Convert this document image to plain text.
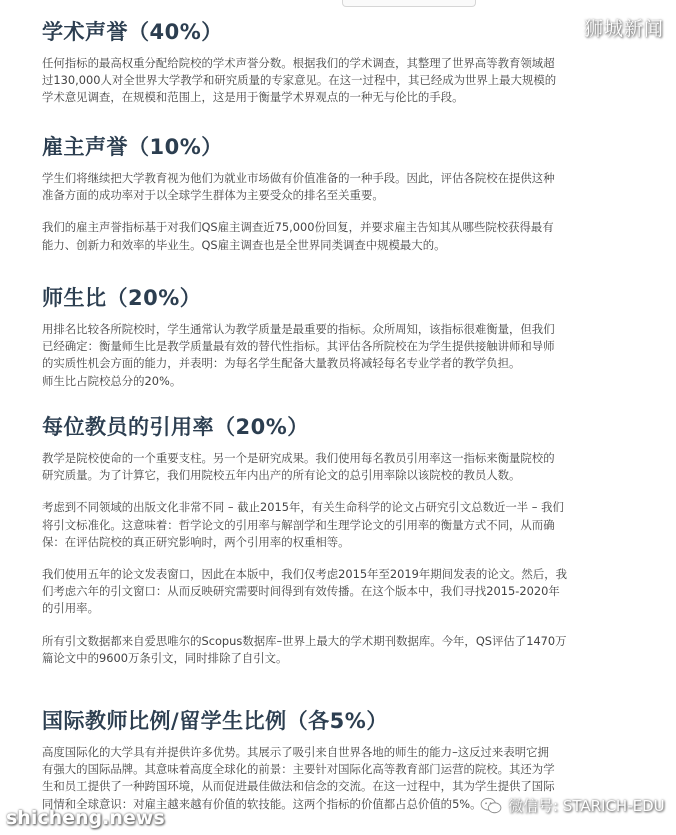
学术声誉（40%）

任何指标的最高权重分配给院校的学术声誉分数。根据我们的学术调查，其整理了世界高等教育领域超
过130,000人对全世界大学教学和研究质量的专家意见。在这一过程中，其已经成为世界上最大规模的
学术意见调查，在规模和范围上，这是用于衡量学术界观点的一种无与伦比的手段。

雇主声誉（10%）

学生们将继续把大学教育视为他们为就业市场做有价值准备的一种手段。因此，评估各院校在提供这种
准备方面的成功率对于以全球学生群体为主要受众的排名至关重要。

我们的雇主声誉指标基于对我们QS雇主调查近75,000份回复，并要求雇主告知其从哪些院校获得最有
能力、创新力和效率的毕业生。QS雇主调查也是全世界同类调查中规模最大的。

师生比（20%）

用排名比较各所院校时，学生通常认为教学质量是最重要的指标。众所周知，该指标很难衡量，但我们
已经确定：衡量师生比是教学质量最有效的替代性指标。其评估各所院校在为学生提供接触讲师和导师
的实质性机会方面的能力，并表明：为每名学生配备大量教员将减轻每名专业学者的教学负担。
师生比占院校总分的20%。

每位教员的引用率（20%）

教学是院校使命的一个重要支柱。另一个是研究成果。我们使用每名教员引用率这一指标来衡量院校的
研究质量。为了计算它，我们用院校五年内出产的所有论文的总引用率除以该院校的教员人数。

考虑到不同领域的出版文化非常不同 – 截止2015年，有关生命科学的论文占研究引文总数近一半 – 我们
将引文标准化。这意味着：哲学论文的引用率与解剖学和生理学论文的引用率的衡量方式不同，从而确
保：在评估院校的真正研究影响时，两个引用率的权重相等。

我们使用五年的论文发表窗口，因此在本版中，我们仅考虑2015年至2019年期间发表的论文。然后，我
们考虑六年的引文窗口：从而反映研究需要时间得到有效传播。在这个版本中，我们寻找2015-2020年
的引用率。

所有引文数据都来自爱思唯尔的Scopus数据库–世界上最大的学术期刊数据库。今年，QS评估了1470万
篇论文中的9600万条引文，同时排除了自引文。

国际教师比例/留学生比例（各5%）

高度国际化的大学具有并提供许多优势。其展示了吸引来自世界各地的师生的能力–这反过来表明它拥
有强大的国际品牌。其意味着高度全球化的前景：主要针对国际化高等教育部门运营的院校。其还为学
生和员工提供了一种跨国环境，从而促进最佳做法和信念的交流。在这一过程中，其为学生提供了国际
同情和全球意识：对雇主越来越有价值的软技能。这两个指标的价值都占总价值的5%。

狮城新闻
微信号: STARICH-EDU
shicheng.news
